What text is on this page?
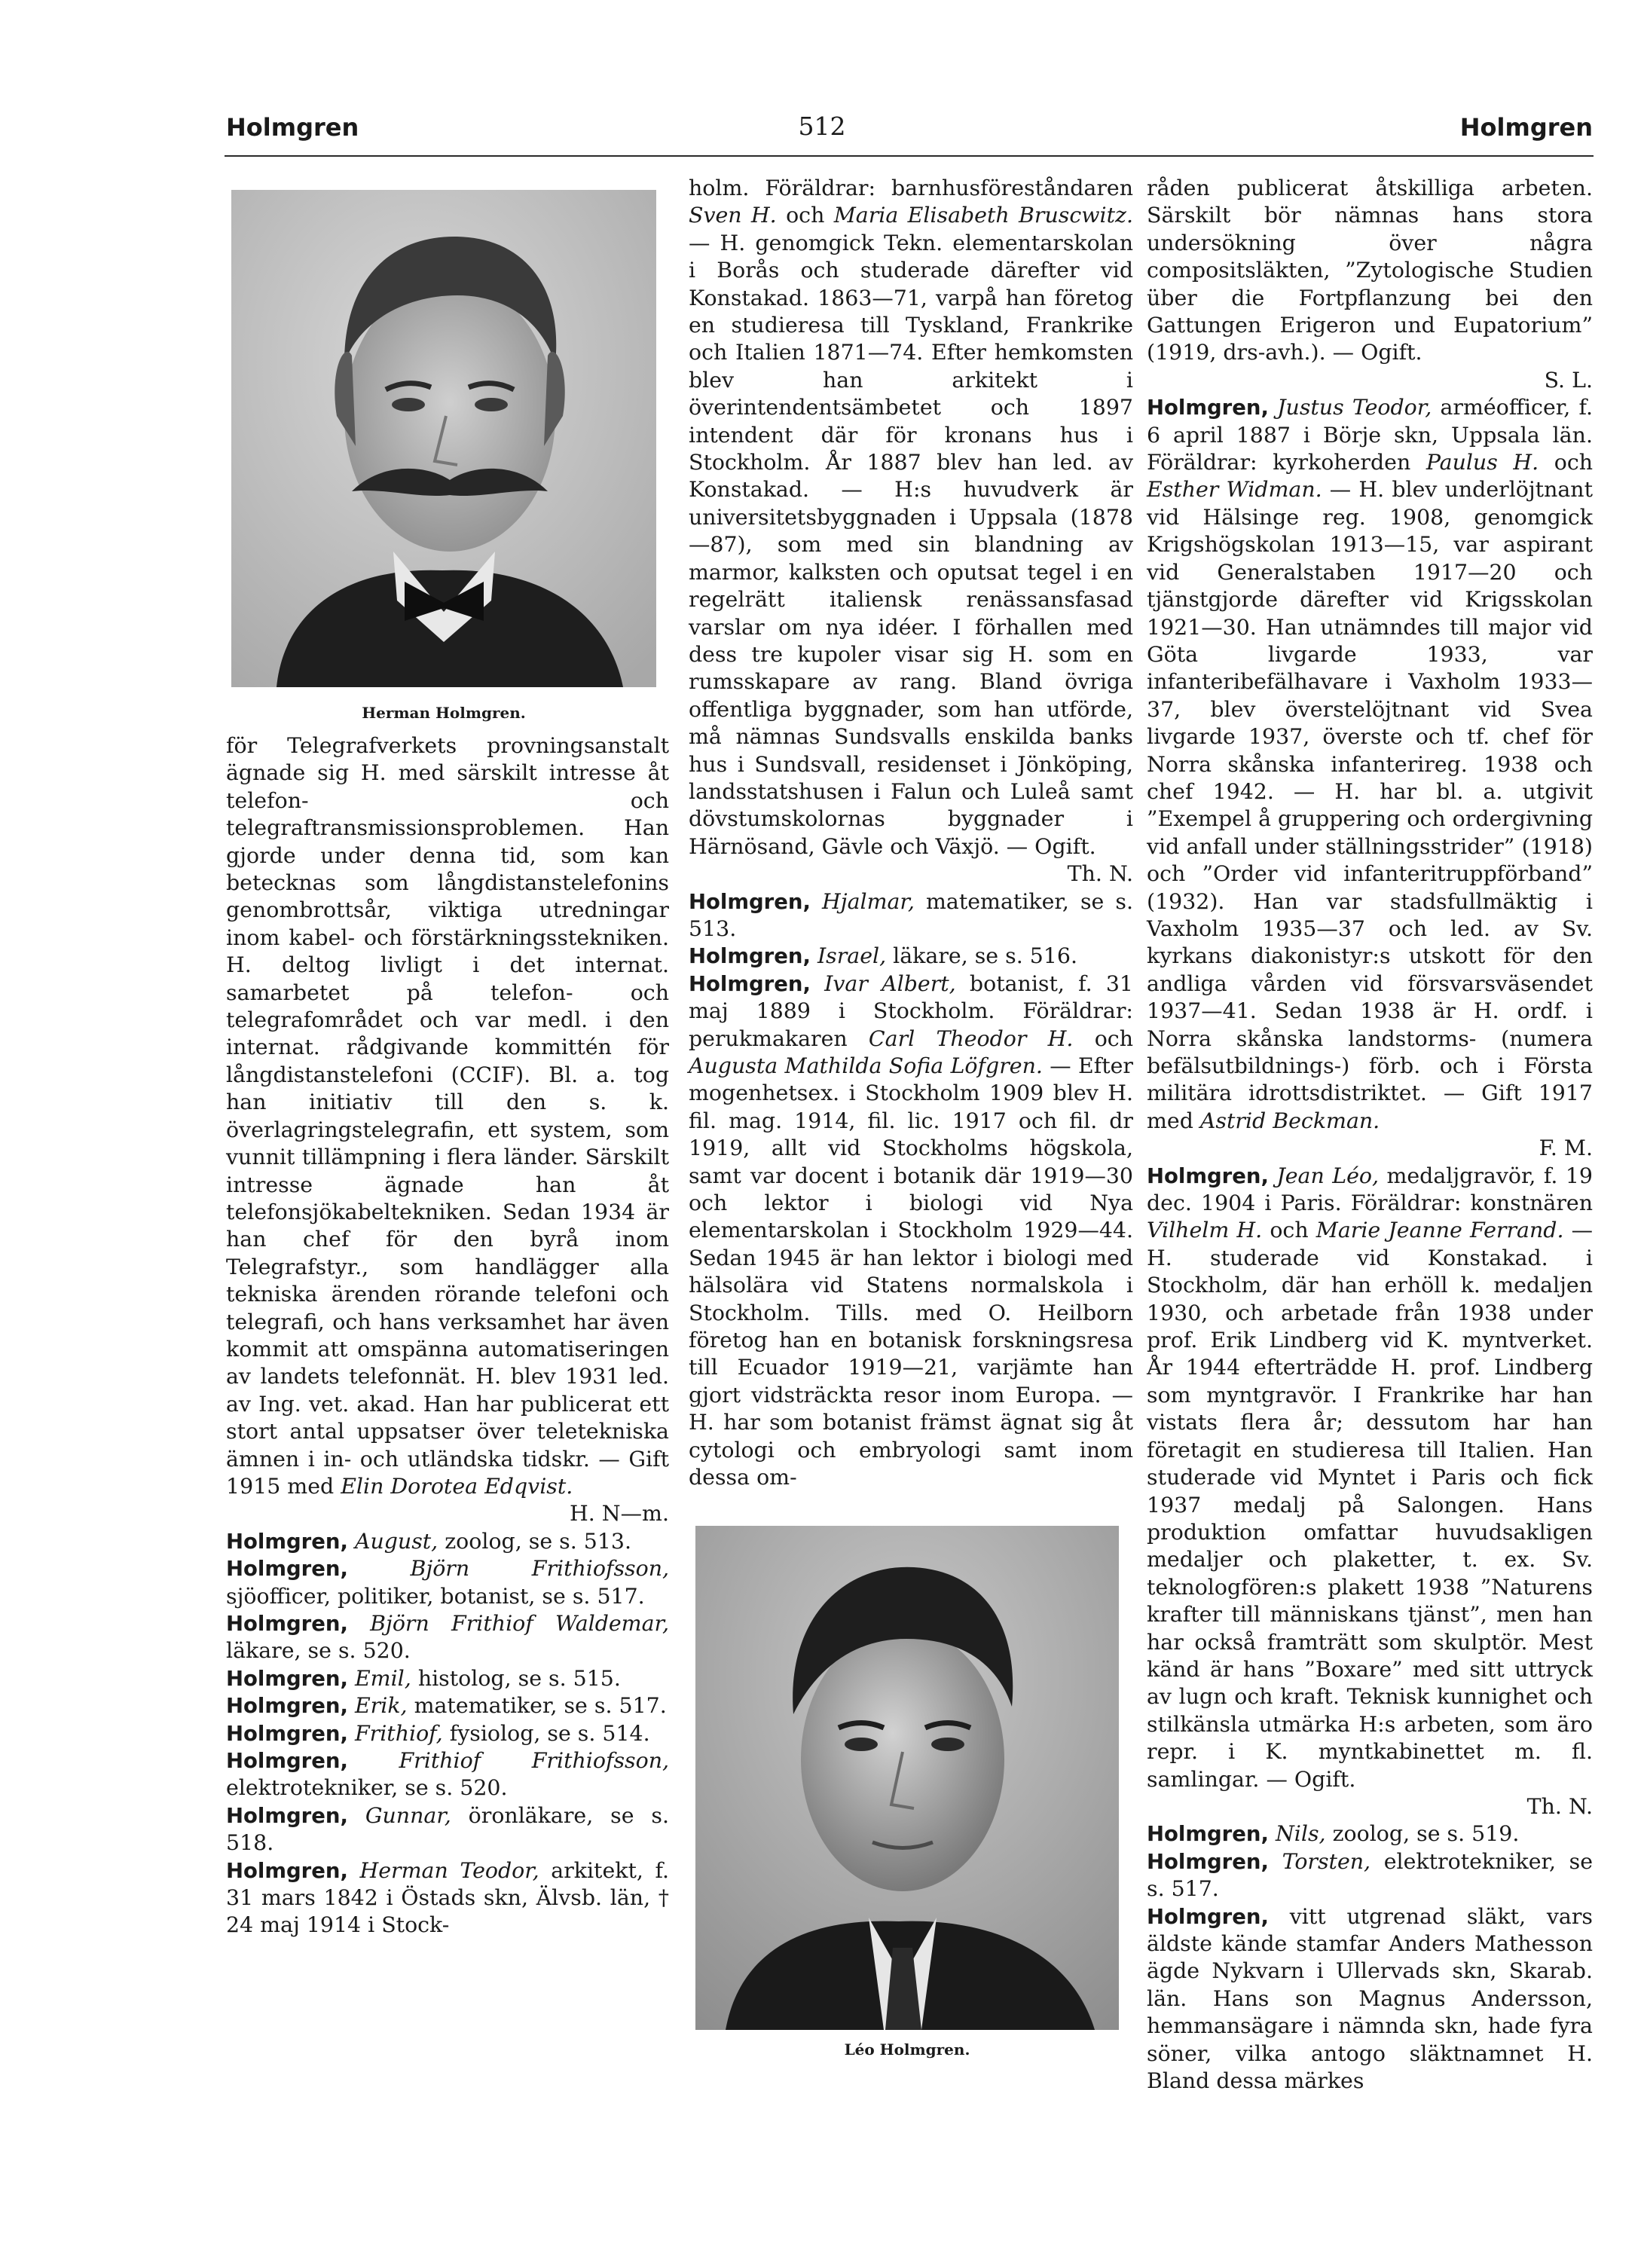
Holmgren	512	Holmgren
Herman Holmgren.
Léo Holmgren.

för Telegrafverkets provningsanstalt ägnade sig H. med särskilt intresse åt telefon- och telegraftransmissionsproblemen. Han gjorde under denna tid, som kan betecknas som långdistanstelefonins genombrottsår, viktiga utredningar inom kabel- och förstärkningsstekniken. H. deltog livligt i det internat. samarbetet på telefon- och telegrafområdet och var medl. i den internat. rådgivande kommittén för långdistanstelefoni (CCIF). Bl. a. tog han initiativ till den s. k. överlagringstelegrafin, ett system, som vunnit tillämpning i flera länder. Särskilt intresse ägnade han åt telefonsjökabeltekniken. Sedan 1934 är han chef för den byrå inom Telegrafstyr., som handlägger alla tekniska ärenden rörande telefoni och telegrafi, och hans verksamhet har även kommit att omspänna automatiseringen av landets telefonnät. H. blev 1931 led. av Ing. vet. akad. Han har publicerat ett stort antal uppsatser över teletekniska ämnen i in- och utländska tidskr. — Gift 1915 med Elin Dorotea Edqvist.

H. N—m.

Holmgren, August, zoolog, se s. 513.

Holmgren,	Björn Frithiofsson, sjöofficer, politiker, botanist, se s. 517.

Holmgren, Björn Frithiof Waldemar, läkare, se s. 520.

Holmgren, Emil, histolog, se s. 515.

Holmgren, Erik, matematiker, se s. 517.

Holmgren, Frithiof, fysiolog, se s. 514.

Holmgren, Frithiof Frithiofsson, elektrotekniker, se s. 520.

Holmgren, Gunnar, öronläkare, se s. 518.

Holmgren, Herman Teodor, arkitekt, f. 31 mars 1842 i Östads skn, Älvsb. län, † 24 maj 1914 i Stock-

holm. Föräldrar: barnhusföreståndaren Sven H. och Maria Elisabeth Bruscwitz. — H. genomgick Tekn. elementarskolan i Borås och studerade därefter vid Konstakad. 1863—71, varpå han företog en studieresa till Tyskland, Frankrike och Italien 1871—74. Efter hemkomsten blev han arkitekt i överintendentsämbetet och 1897 intendent där för kronans hus i Stockholm. År 1887 blev han led. av Konstakad. — H:s huvudverk är universitetsbyggnaden i Uppsala (1878—87), som med sin blandning av marmor, kalksten och oputsat tegel i en regelrätt italiensk renässansfasad varslar om nya idéer. I förhallen med dess tre kupoler visar sig H. som en rumsskapare av rang. Bland övriga offentliga byggnader, som han utförde, må nämnas Sundsvalls enskilda banks hus i Sundsvall, residenset i Jönköping, landsstatshusen i Falun och Luleå samt dövstumskolornas byggnader i Härnösand, Gävle och Växjö. — Ogift.

Th. N.

Holmgren, Hjalmar, matematiker, se s. 513.

Holmgren, Israel, läkare, se s. 516.

Holmgren, Ivar Albert, botanist, f. 31 maj 1889 i Stockholm. Föräldrar: perukmakaren Carl Theodor H. och Augusta Mathilda Sofia Löfgren. — Efter mogenhetsex. i Stockholm 1909 blev H. fil. mag. 1914, fil. lic. 1917 och fil. dr 1919, allt vid Stockholms högskola, samt var docent i botanik där 1919—30 och lektor i biologi vid Nya elementarskolan i Stockholm 1929—44. Sedan 1945 är han lektor i biologi med hälsolära vid Statens normalskola i Stockholm. Tills. med O. Heilborn företog han en botanisk forskningsresa till Ecuador 1919—21, varjämte han gjort vidsträckta resor inom Europa. — H. har som botanist främst ägnat sig åt cytologi och embryologi samt inom dessa om-

råden publicerat åtskilliga arbeten. Särskilt bör nämnas hans stora undersökning över några compositsläkten, ”Zytologische Studien über die Fortpflanzung bei den Gattungen Erigeron und Eupatorium” (1919, drs-avh.). — Ogift.

S. L.

Holmgren, Justus Teodor, arméofficer, f. 6 april 1887 i Börje skn, Uppsala län. Föräldrar: kyrkoherden Paulus H. och Esther Widman. — H. blev underlöjtnant vid Hälsinge reg. 1908, genomgick Krigshögskolan 1913—15, var aspirant vid Generalstaben 1917—20 och tjänstgjorde därefter vid Krigsskolan 1921—30. Han utnämndes till major vid Göta livgarde 1933, var infanteribefälhavare i Vaxholm 1933—37, blev överstelöjtnant vid Svea livgarde 1937, överste och tf. chef för Norra skånska infanterireg. 1938 och chef 1942. — H. har bl. a. utgivit ”Exempel å gruppering och ordergivning vid anfall under ställningsstrider” (1918) och ”Order vid infanteritruppförband” (1932). Han var stadsfullmäktig i Vaxholm 1935—37 och led. av Sv. kyrkans diakonistyr:s utskott för den andliga vården vid försvarsväsendet 1937—41. Sedan 1938 är H. ordf. i Norra skånska landstorms- (numera befälsutbildnings-) förb. och i Första militära idrottsdistriktet. — Gift 1917 med Astrid Beckman.

F. M.

Holmgren, Jean Léo, medaljgravör, f. 19 dec. 1904 i Paris. Föräldrar: konstnären Vilhelm H. och Marie Jeanne Ferrand. — H. studerade vid Konstakad. i Stockholm, där han erhöll k. medaljen 1930, och arbetade från 1938 under prof. Erik Lindberg vid K. myntverket. År 1944 efterträdde H. prof. Lindberg som myntgravör. I Frankrike har han vistats flera år; dessutom har han företagit en studieresa till Italien. Han studerade vid Myntet i Paris och fick 1937 medalj på Salongen. Hans produktion omfattar huvudsakligen medaljer och plaketter, t. ex. Sv. teknologfören:s plakett 1938 ”Naturens krafter till människans tjänst”, men han har också framträtt som skulptör. Mest känd är hans ”Boxare” med sitt uttryck av lugn och kraft. Teknisk kunnighet och stilkänsla utmärka H:s arbeten, som äro repr. i K. myntkabinettet m. fl. samlingar. — Ogift.

Th. N.

Holmgren, Nils, zoolog, se s. 519.

Holmgren, Torsten, elektrotekniker, se s. 517.

Holmgren, vitt utgrenad släkt, vars äldste kände stamfar Anders Mathesson ägde Nykvarn i Ullervads skn, Skarab. län. Hans son Magnus Andersson, hemmansägare i nämnda skn, hade fyra söner, vilka antogo släktnamnet H. Bland dessa märkes
